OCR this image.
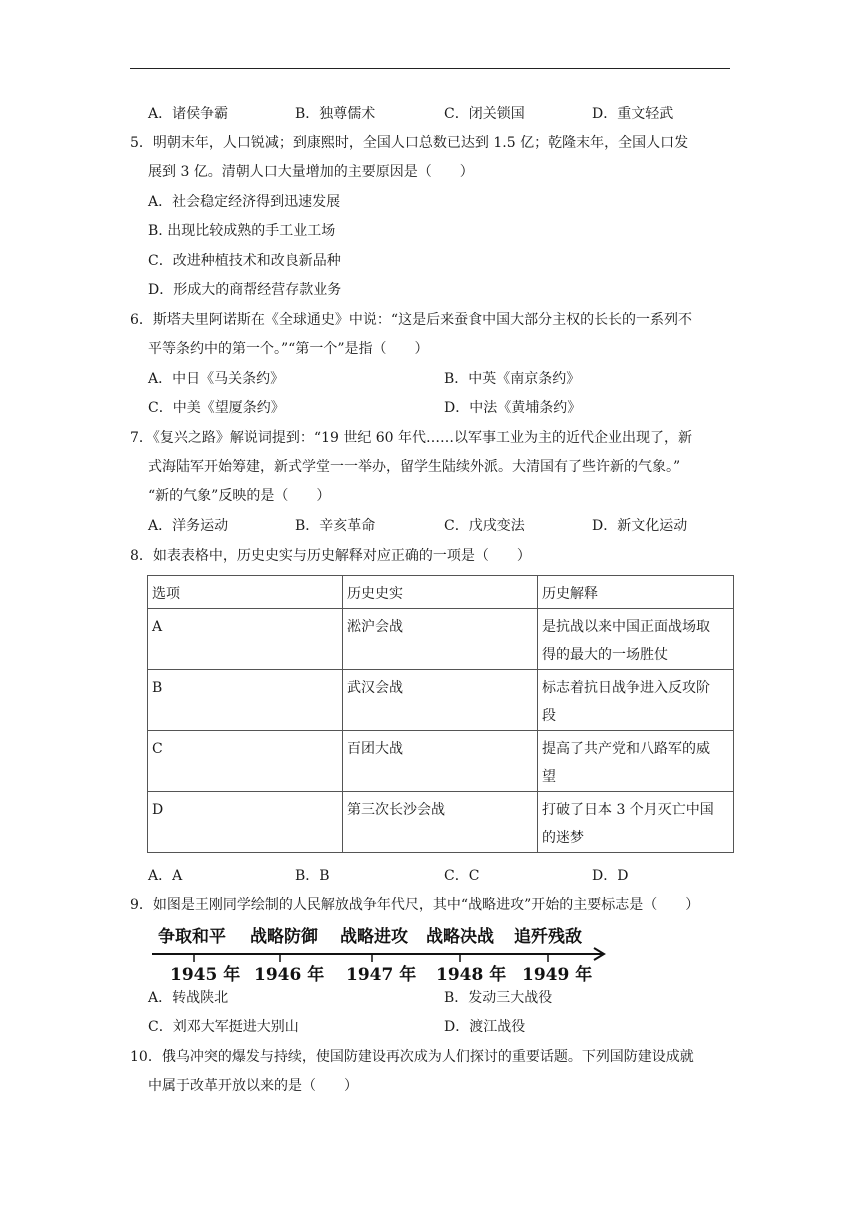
A．诸侯争霸	B．独尊儒术	C．闭关锁国	D．重文轻武
5．明朝末年，人口锐减；到康熙时，全国人口总数已达到 1.5 亿；乾隆末年，全国人口发
展到 3 亿。清朝人口大量增加的主要原因是（　　）
A．社会稳定经济得到迅速发展
B. 出现比较成熟的手工业工场
C．改进种植技术和改良新品种
D．形成大的商帮经营存款业务
6．斯塔夫里阿诺斯在《全球通史》中说：“这是后来蚕食中国大部分主权的长长的一系列不
平等条约中的第一个。”“第一个”是指（　　）
A．中日《马关条约》	B．中英《南京条约》
C．中美《望厦条约》	D．中法《黄埔条约》
7．《复兴之路》解说词提到：“19 世纪 60 年代……以军事工业为主的近代企业出现了，新
式海陆军开始筹建，新式学堂一一举办，留学生陆续外派。大清国有了些许新的气象。”
“新的气象”反映的是（　　）
A．洋务运动	B．辛亥革命	C．戊戌变法	D．新文化运动
8．如表表格中，历史史实与历史解释对应正确的一项是（　　）
选项	历史史实	历史解释
A	淞沪会战	是抗战以来中国正面战场取
得的最大的一场胜仗
B	武汉会战	标志着抗日战争进入反攻阶
段
C	百团大战	提高了共产党和八路军的威
望
D	第三次长沙会战	打破了日本 3 个月灭亡中国
的迷梦
A．A	B．B	C．C	D．D
9．如图是王刚同学绘制的人民解放战争年代尺，其中“战略进攻”开始的主要标志是（　　）
争取和平 战略防御 战略进攻 战略决战 追歼残敌
1945 年 1946 年 1947 年 1948 年 1949 年
A．转战陕北	B．发动三大战役
C．刘邓大军挺进大别山	D．渡江战役
10．俄乌冲突的爆发与持续，使国防建设再次成为人们探讨的重要话题。下列国防建设成就
中属于改革开放以来的是（　　）
